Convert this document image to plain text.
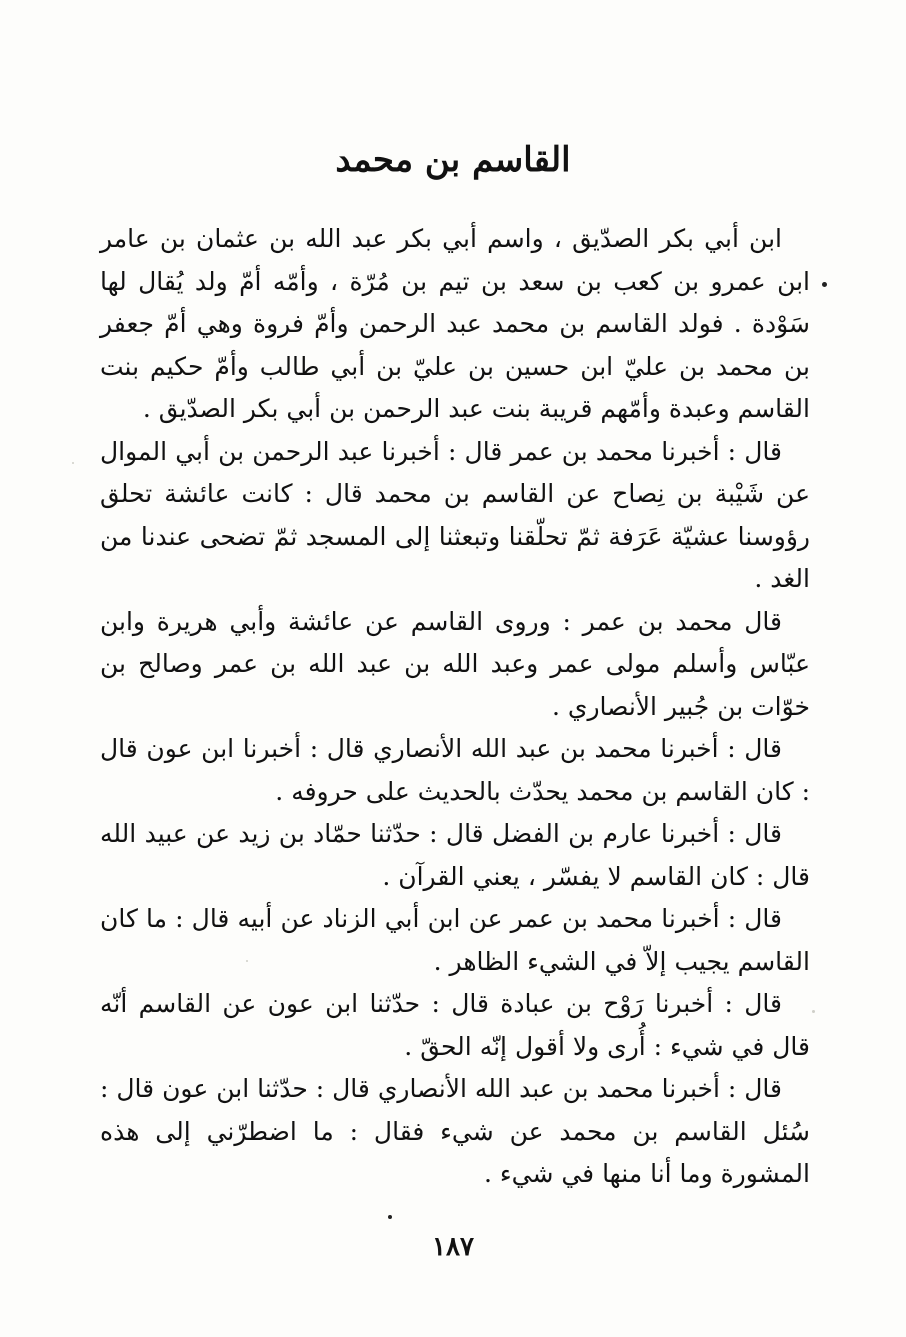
القاسم بن محمد

ابن أبي بكر الصدّيق ، واسم أبي بكر عبد الله بن عثمان بن عامر ابن عمرو بن كعب بن سعد بن تيم بن مُرّة ، وأمّه أمّ ولد يُقال لها سَوْدة . فولد القاسم بن محمد عبد الرحمن وأمّ فروة وهي أمّ جعفر بن محمد بن عليّ ابن حسين بن عليّ بن أبي طالب وأمّ حكيم بنت القاسم وعبدة وأمّهم قريبة بنت عبد الرحمن بن أبي بكر الصدّيق .

قال : أخبرنا محمد بن عمر قال : أخبرنا عبد الرحمن بن أبي الموال عن شَيْبة بن نِصاح عن القاسم بن محمد قال : كانت عائشة تحلق رؤوسنا عشيّة عَرَفة ثمّ تحلّقنا وتبعثنا إلى المسجد ثمّ تضحى عندنا من الغد .

قال محمد بن عمر : وروى القاسم عن عائشة وأبي هريرة وابن عبّاس وأسلم مولى عمر وعبد الله بن عبد الله بن عمر وصالح بن خوّات بن جُبير الأنصاري .

قال : أخبرنا محمد بن عبد الله الأنصاري قال : أخبرنا ابن عون قال : كان القاسم بن محمد يحدّث بالحديث على حروفه .

قال : أخبرنا عارم بن الفضل قال : حدّثنا حمّاد بن زيد عن عبيد الله قال : كان القاسم لا يفسّر ، يعني القرآن .

قال : أخبرنا محمد بن عمر عن ابن أبي الزناد عن أبيه قال : ما كان القاسم يجيب إلاّ في الشيء الظاهر .

قال : أخبرنا رَوْح بن عبادة قال : حدّثنا ابن عون عن القاسم أنّه قال في شيء : أُرى ولا أقول إنّه الحقّ .

قال : أخبرنا محمد بن عبد الله الأنصاري قال : حدّثنا ابن عون قال : سُئل القاسم بن محمد عن شيء فقال : ما اضطرّني إلى هذه المشورة وما أنا منها في شيء .

١٨٧
